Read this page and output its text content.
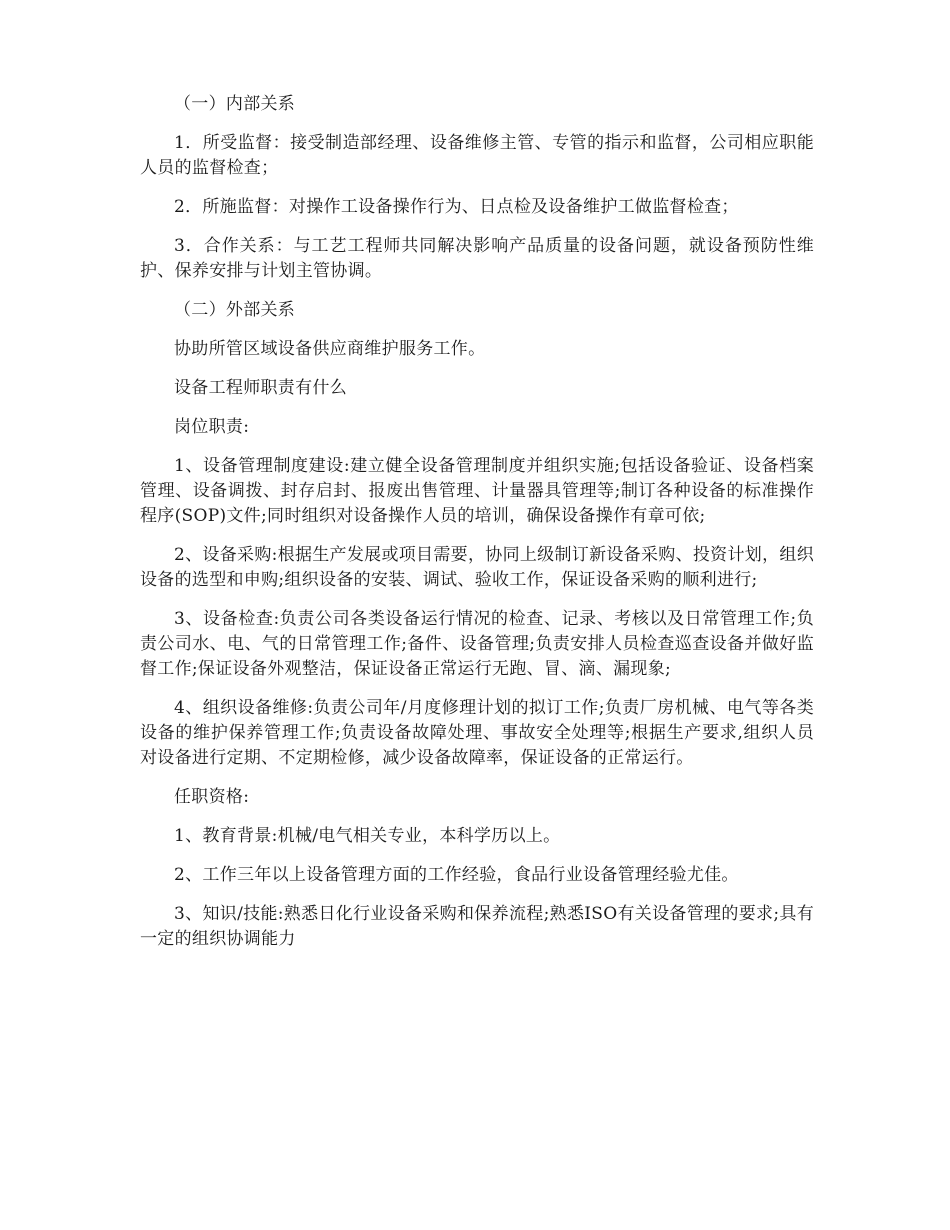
（一）内部关系

1．所受监督：接受制造部经理、设备维修主管、专管的指示和监督，公司相应职能人员的监督检查；

2．所施监督：对操作工设备操作行为、日点检及设备维护工做监督检查；

3．合作关系：与工艺工程师共同解决影响产品质量的设备问题，就设备预防性维护、保养安排与计划主管协调。

（二）外部关系

协助所管区域设备供应商维护服务工作。

设备工程师职责有什么

岗位职责:

1、设备管理制度建设:建立健全设备管理制度并组织实施;包括设备验证、设备档案管理、设备调拨、封存启封、报废出售管理、计量器具管理等;制订各种设备的标准操作程序(SOP)文件;同时组织对设备操作人员的培训，确保设备操作有章可依;

2、设备采购:根据生产发展或项目需要，协同上级制订新设备采购、投资计划，组织设备的选型和申购;组织设备的安装、调试、验收工作，保证设备采购的顺利进行;

3、设备检查:负责公司各类设备运行情况的检查、记录、考核以及日常管理工作;负责公司水、电、气的日常管理工作;备件、设备管理;负责安排人员检查巡查设备并做好监督工作;保证设备外观整洁，保证设备正常运行无跑、冒、滴、漏现象;

4、组织设备维修:负责公司年/月度修理计划的拟订工作;负责厂房机械、电气等各类设备的维护保养管理工作;负责设备故障处理、事故安全处理等;根据生产要求,组织人员对设备进行定期、不定期检修，减少设备故障率，保证设备的正常运行。

任职资格:

1、教育背景:机械/电气相关专业，本科学历以上。

2、工作三年以上设备管理方面的工作经验，食品行业设备管理经验尤佳。

3、知识/技能:熟悉日化行业设备采购和保养流程;熟悉ISO有关设备管理的要求;具有一定的组织协调能力
